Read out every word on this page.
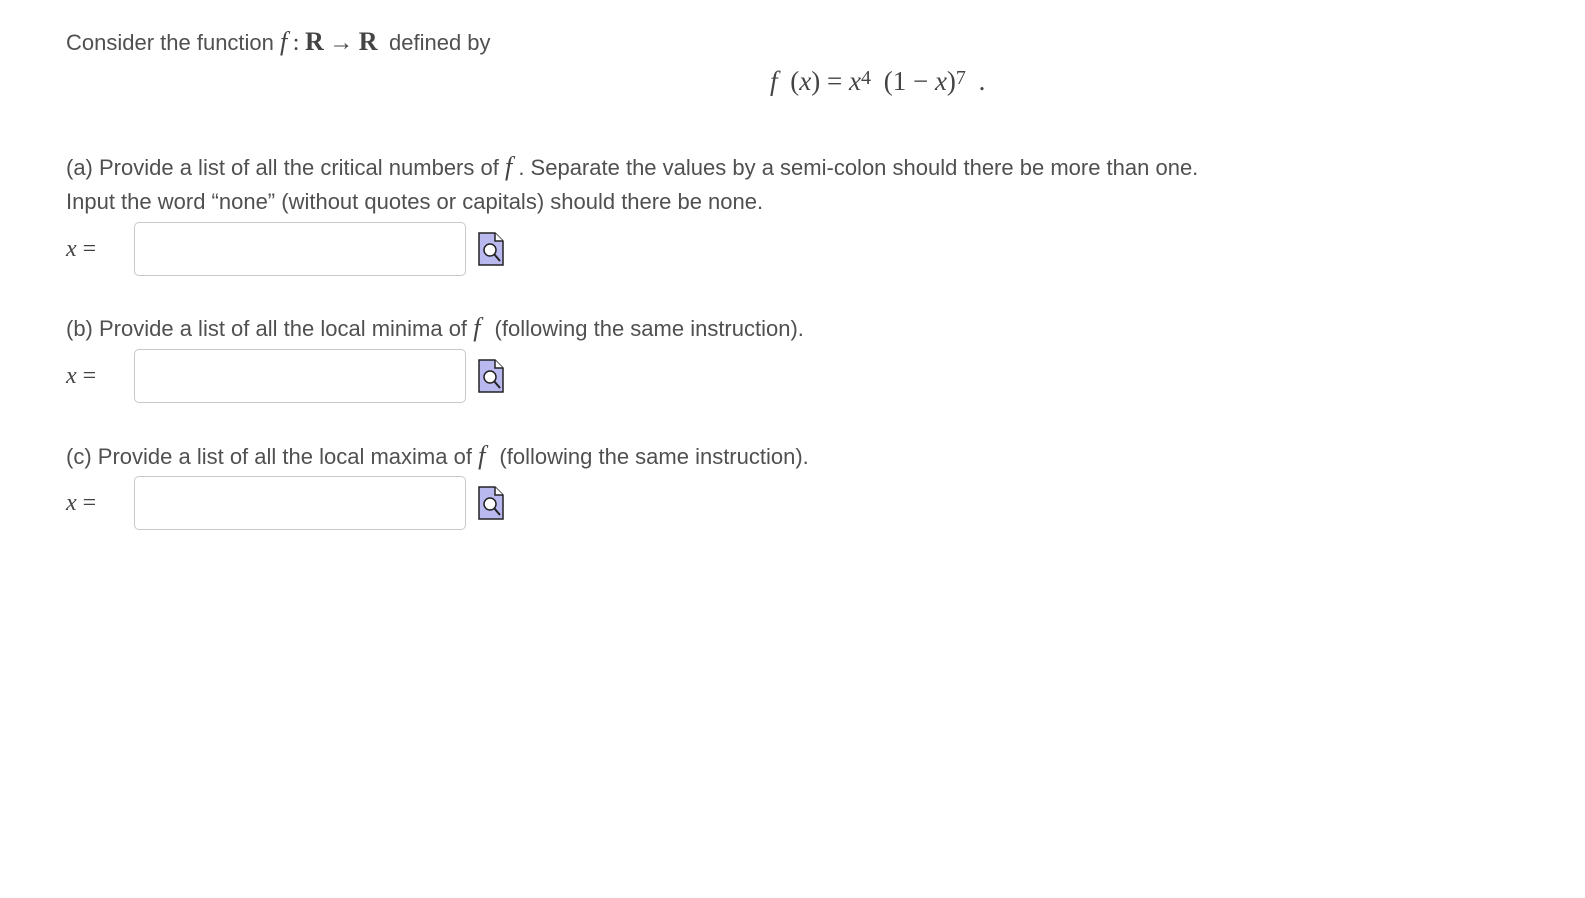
Consider the function f : R → R defined by
f $(x) = x^4$ $(1 - x)^7$ .
(a) Provide a list of all the critical numbers of f . Separate the values by a semi-colon should there be more than one.
Input the word “none” (without quotes or capitals) should there be none.
x =
(b) Provide a list of all the local minima of f (following the same instruction).
x =
(c) Provide a list of all the local maxima of f (following the same instruction).
x =
